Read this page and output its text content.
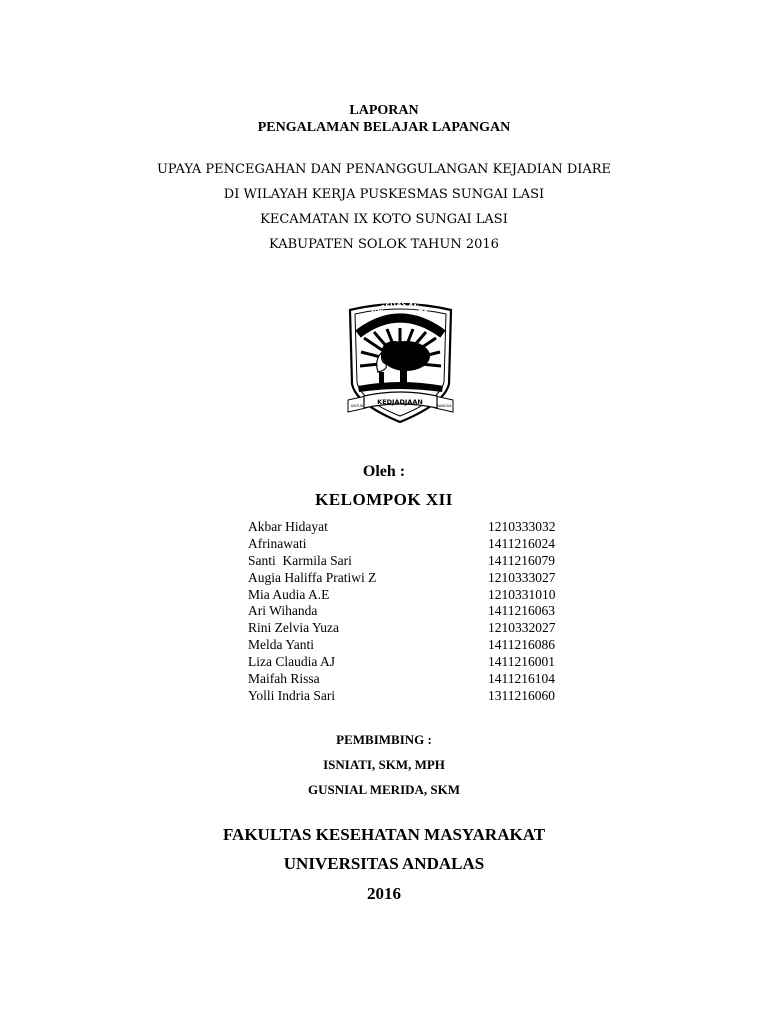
LAPORAN
PENGALAMAN BELAJAR LAPANGAN
UPAYA PENCEGAHAN DAN PENANGGULANGAN KEJADIAN DIARE
DI WILAYAH KERJA PUSKESMAS SUNGAI LASI
KECAMATAN IX KOTO SUNGAI LASI
KABUPATEN SOLOK TAHUN 2016
UNIVERSITAS ANDALAS
KEDJADJAAN
UNTUK	BANGSA
Oleh :
KELOMPOK XII
Akbar Hidayat	1210333032
Afrinawati	1411216024
Santi  Karmila Sari	1411216079
Augia Haliffa Pratiwi Z	1210333027
Mia Audia A.E	1210331010
Ari Wihanda	1411216063
Rini Zelvia Yuza	1210332027
Melda Yanti	1411216086
Liza Claudia AJ	1411216001
Maifah Rissa	1411216104
Yolli Indria Sari	1311216060
PEMBIMBING :
ISNIATI, SKM, MPH
GUSNIAL MERIDA, SKM
FAKULTAS KESEHATAN MASYARAKAT
UNIVERSITAS ANDALAS
2016
